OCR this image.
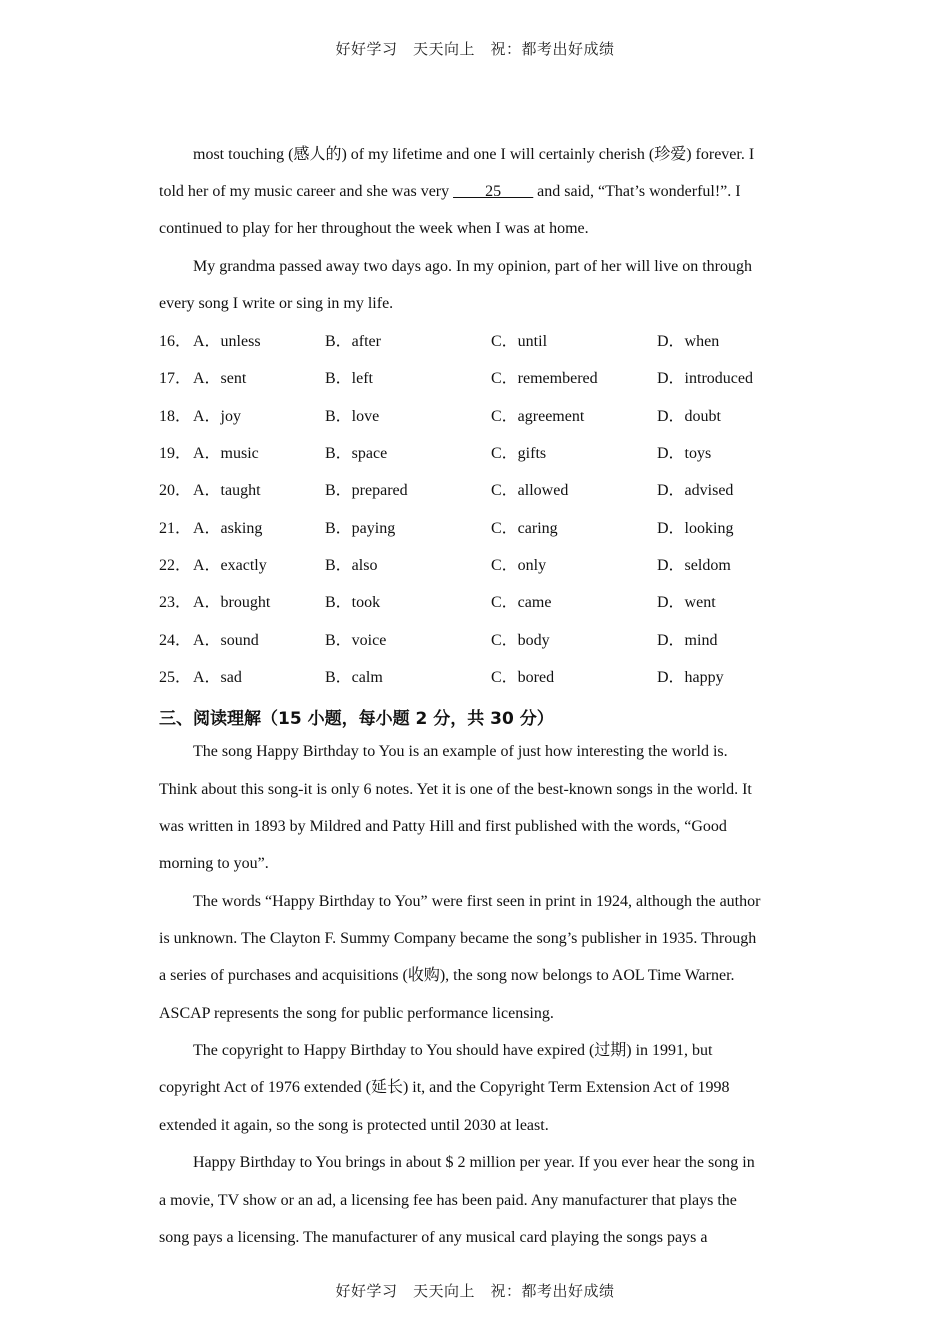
好好学习　天天向上　祝：都考出好成绩
most touching (感人的) of my lifetime and one I will certainly cherish (珍爱) forever. I
told her of my music career and she was very ____25____ and said, “That’s wonderful!”. I
continued to play for her throughout the week when I was at home.
My grandma passed away two days ago. In my opinion, part of her will live on through
every song I write or sing in my life.
16． A．unless	B．after	C．until	D．when
17． A．sent	B．left	C．remembered	D．introduced
18． A．joy	B．love	C．agreement	D．doubt
19． A．music	B．space	C．gifts	D．toys
20． A．taught	B．prepared	C．allowed	D．advised
21． A．asking	B．paying	C．caring	D．looking
22． A．exactly	B．also	C．only	D．seldom
23． A．brought	B．took	C．came	D．went
24． A．sound	B．voice	C．body	D．mind
25． A．sad	B．calm	C．bored	D．happy
三、阅读理解（15 小题，每小题 2 分，共 30 分）
The song Happy Birthday to You is an example of just how interesting the world is.
Think about this song-it is only 6 notes. Yet it is one of the best-known songs in the world. It
was written in 1893 by Mildred and Patty Hill and first published with the words, “Good
morning to you”.
The words “Happy Birthday to You” were first seen in print in 1924, although the author
is unknown. The Clayton F. Summy Company became the song’s publisher in 1935. Through
a series of purchases and acquisitions (收购), the song now belongs to AOL Time Warner.
ASCAP represents the song for public performance licensing.
The copyright to Happy Birthday to You should have expired (过期) in 1991, but
copyright Act of 1976 extended (延长) it, and the Copyright Term Extension Act of 1998
extended it again, so the song is protected until 2030 at least.
Happy Birthday to You brings in about $ 2 million per year. If you ever hear the song in
a movie, TV show or an ad, a licensing fee has been paid. Any manufacturer that plays the
song pays a licensing. The manufacturer of any musical card playing the songs pays a
好好学习　天天向上　祝：都考出好成绩
